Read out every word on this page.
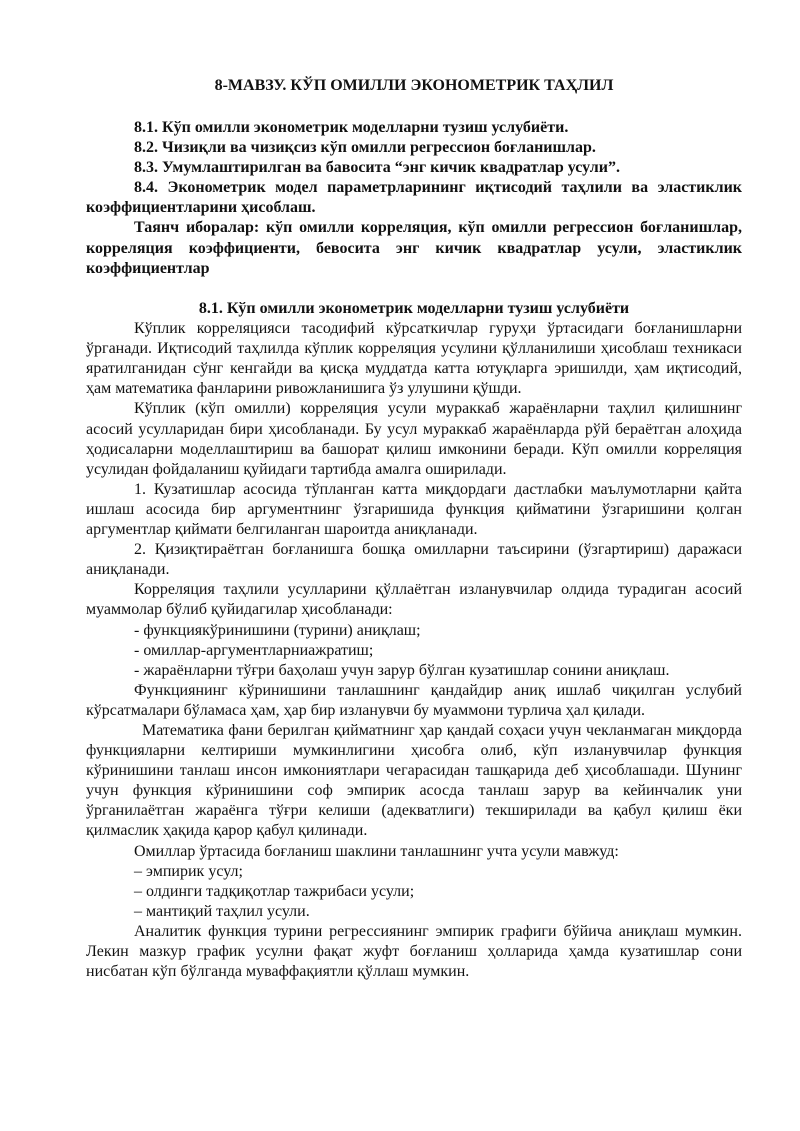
8-МАВЗУ. КЎП ОМИЛЛИ ЭКОНОМЕТРИК ТАҲЛИЛ

8.1. Кўп омилли эконометрик моделларни тузиш услубиёти.

8.2. Чизиқли ва чизиқсиз кўп омилли регрессион боғланишлар.

8.3. Умумлаштирилган ва бавосита “энг кичик квадратлар усули”.

8.4. Эконометрик модел параметрларининг иқтисодий таҳлили ва эластиклик коэффициентларини ҳисоблаш.

Таянч иборалар: кўп омилли корреляция, кўп омилли регрессион боғланишлар, корреляция коэффициенти, бевосита энг кичик квадратлар усули, эластиклик коэффициентлар

8.1. Кўп омилли эконометрик моделларни тузиш услубиёти

Кўплик корреляцияси тасодифий кўрсаткичлар гуруҳи ўртасидаги боғланишларни ўрганади. Иқтисодий таҳлилда кўплик корреляция усулини қўлланилиши ҳисоблаш техникаси яратилганидан сўнг кенгайди ва қисқа муддатда катта ютуқларга эришилди, ҳам иқтисодий, ҳам математика фанларини ривожланишига ўз улушини қўшди.

Кўплик (кўп омилли) корреляция усули мураккаб жараёнларни таҳлил қилишнинг асосий усулларидан бири ҳисобланади. Бу усул мураккаб жараёнларда рўй бераётган алоҳида ҳодисаларни моделлаштириш ва башорат қилиш имконини беради. Кўп омилли корреляция усулидан фойдаланиш қуйидаги тартибда амалга оширилади.

1. Кузатишлар асосида тўпланган катта миқдордаги дастлабки маълумотларни қайта ишлаш асосида бир аргументнинг ўзгаришида функция қийматини ўзгаришини қолган аргументлар қиймати белгиланган шароитда аниқланади.

2. Қизиқтираётган боғланишга бошқа омилларни таъсирини (ўзгартириш) даражаси аниқланади.

Корреляция таҳлили усулларини қўллаётган изланувчилар олдида турадиган асосий муаммолар бўлиб қуйидагилар ҳисобланади:

- функциякўринишини (турини) аниқлаш;

- омиллар-аргументларниажратиш;

- жараёнларни тўғри баҳолаш учун зарур бўлган кузатишлар сонини аниқлаш.

Функциянинг кўринишини танлашнинг қандайдир аниқ ишлаб чиқилган услубий кўрсатмалари бўламаса ҳам, ҳар бир изланувчи бу муаммони турлича ҳал қилади.

Математика фани берилган қийматнинг ҳар қандай соҳаси учун чекланмаган миқдорда функцияларни келтириши мумкинлигини ҳисобга олиб, кўп изланувчилар функция кўринишини танлаш инсон имкониятлари чегарасидан ташқарида деб ҳисоблашади. Шунинг учун функция кўринишини соф эмпирик асосда танлаш зарур ва кейинчалик уни ўрганилаётган жараёнга тўғри келиши (адекватлиги) текширилади ва қабул қилиш ёки қилмаслик ҳақида қарор қабул қилинади.

Омиллар ўртасида боғланиш шаклини танлашнинг учта усули мавжуд:

– эмпирик усул;

– олдинги тадқиқотлар тажрибаси усули;

– мантиқий таҳлил усули.

Аналитик функция турини регрессиянинг эмпирик графиги бўйича аниқлаш мумкин. Лекин мазкур график усулни фақат жуфт боғланиш ҳолларида ҳамда кузатишлар сони нисбатан кўп бўлганда муваффақиятли қўллаш мумкин.
